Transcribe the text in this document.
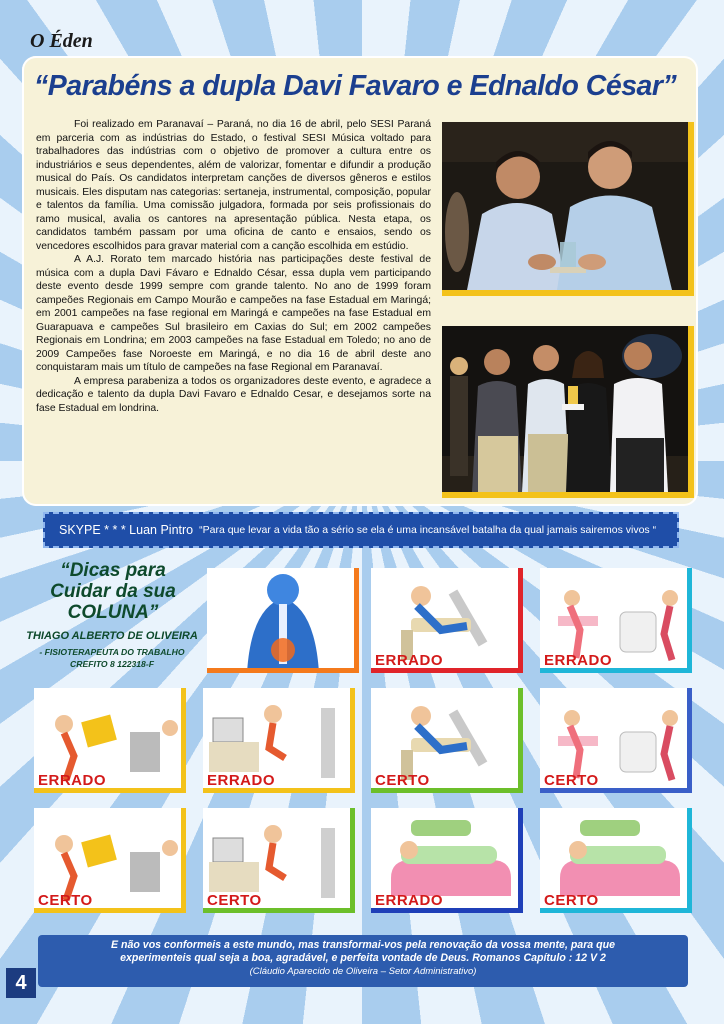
O Éden
“Parabéns a dupla Davi Favaro e Ednaldo César”

Foi realizado em Paranavaí – Paraná, no dia 16 de abril, pelo SESI Paraná em parceria com as indústrias do Estado, o festival SESI Música voltado para trabalhadores das indústrias com o objetivo de promover a cultura entre os industriários e seus dependentes, além de valorizar, fomentar e difundir a produção musical do País. Os candidatos interpretam canções de diversos gêneros e estilos musicais. Eles disputam nas categorias: sertaneja, instrumental, composição, popular e talentos da família. Uma comissão julgadora, formada por seis profissionais do ramo musical, avalia os cantores na apresentação pública. Nesta etapa, os candidatos também passam por uma oficina de canto e ensaios, sendo os vencedores escolhidos para gravar material com a canção escolhida em estúdio.

A A.J. Rorato tem marcado história nas participações deste festival de música com a dupla Davi Fávaro e Ednaldo César, essa dupla vem participando deste evento desde 1999 sempre com grande talento. No ano de 1999 foram campeões Regionais em Campo Mourão e campeões na fase Estadual em Maringá; em 2001 campeões na fase regional em Maringá e campeões na fase Estadual em Guarapuava e campeões Sul brasileiro em Caxias do Sul; em 2002 campeões Regionais em Londrina; em 2003 campeões na fase Estadual em Toledo; no ano de 2009 Campeões fase Noroeste em Maringá, e no dia 16 de abril deste ano conquistaram mais um título de campeões na fase Regional em Paranavaí.

A empresa parabeniza a todos os organizadores deste evento, e agradece a dedicação e talento da dupla Davi Favaro e Ednaldo Cesar, e desejamos sorte na fase Estadual em londrina.

SKYPE * * * Luan Pintro “Para que levar a vida tão a sério se ela é uma incansável batalha da qual jamais sairemos vivos “
“Dicas para
Cuidar da sua
COLUNA”
THIAGO ALBERTO DE OLIVEIRA
- FISIOTERAPEUTA DO TRABALHO
CREFITO 8 122318-F	ERRADO	ERRADO
ERRADO	ERRADO	CERTO	CERTO
CERTO	CERTO	ERRADO	CERTO
E não vos conformeis a este mundo, mas transformai-vos pela renovação da vossa mente, para que
experimenteis qual seja a boa, agradável, e perfeita vontade de Deus. Romanos Capítulo : 12 V 2
(Cláudio Aparecido de Oliveira – Setor Administrativo)
4
